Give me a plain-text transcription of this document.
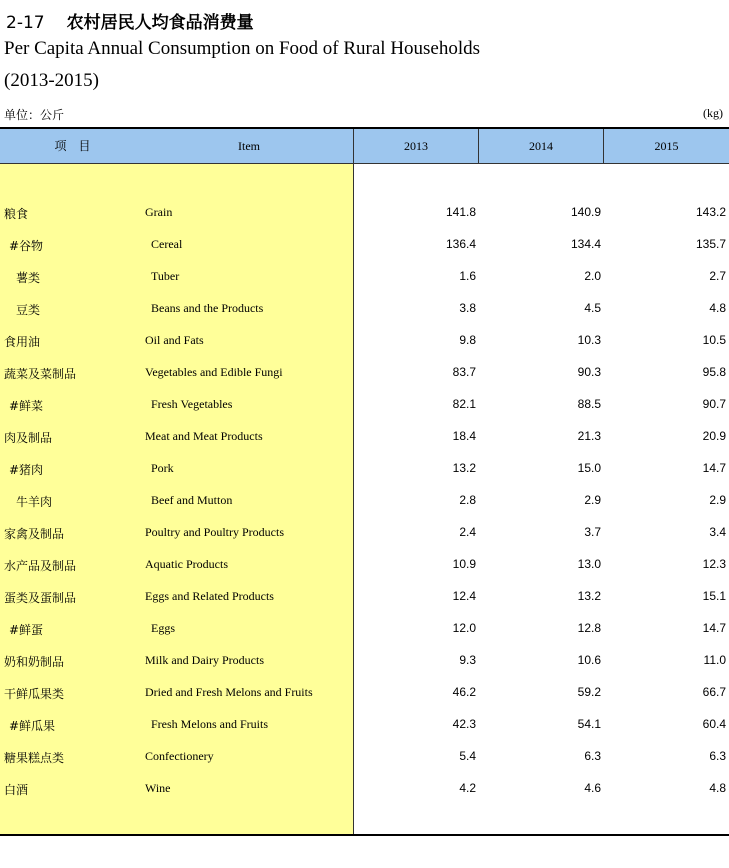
2-17 农村居民人均食品消费量
Per Capita Annual Consumption on Food of Rural Households
(2013-2015)
单位：公斤	(kg)
项　目	Item	2013	2014	2015
粮食	Grain	141.8	140.9	143.2
#谷物	Cereal	136.4	134.4	135.7
薯类	Tuber	1.6	2.0	2.7
豆类	Beans and the Products	3.8	4.5	4.8
食用油	Oil and Fats	9.8	10.3	10.5
蔬菜及菜制品	Vegetables and Edible Fungi	83.7	90.3	95.8
#鲜菜	Fresh Vegetables	82.1	88.5	90.7
肉及制品	Meat and Meat Products	18.4	21.3	20.9
#猪肉	Pork	13.2	15.0	14.7
牛羊肉	Beef and Mutton	2.8	2.9	2.9
家禽及制品	Poultry and Poultry Products	2.4	3.7	3.4
水产品及制品	Aquatic Products	10.9	13.0	12.3
蛋类及蛋制品	Eggs and Related Products	12.4	13.2	15.1
#鲜蛋	Eggs	12.0	12.8	14.7
奶和奶制品	Milk and Dairy Products	9.3	10.6	11.0
干鲜瓜果类	Dried and Fresh Melons and Fruits	46.2	59.2	66.7
#鲜瓜果	Fresh Melons and Fruits	42.3	54.1	60.4
糖果糕点类	Confectionery	5.4	6.3	6.3
白酒	Wine	4.2	4.6	4.8
